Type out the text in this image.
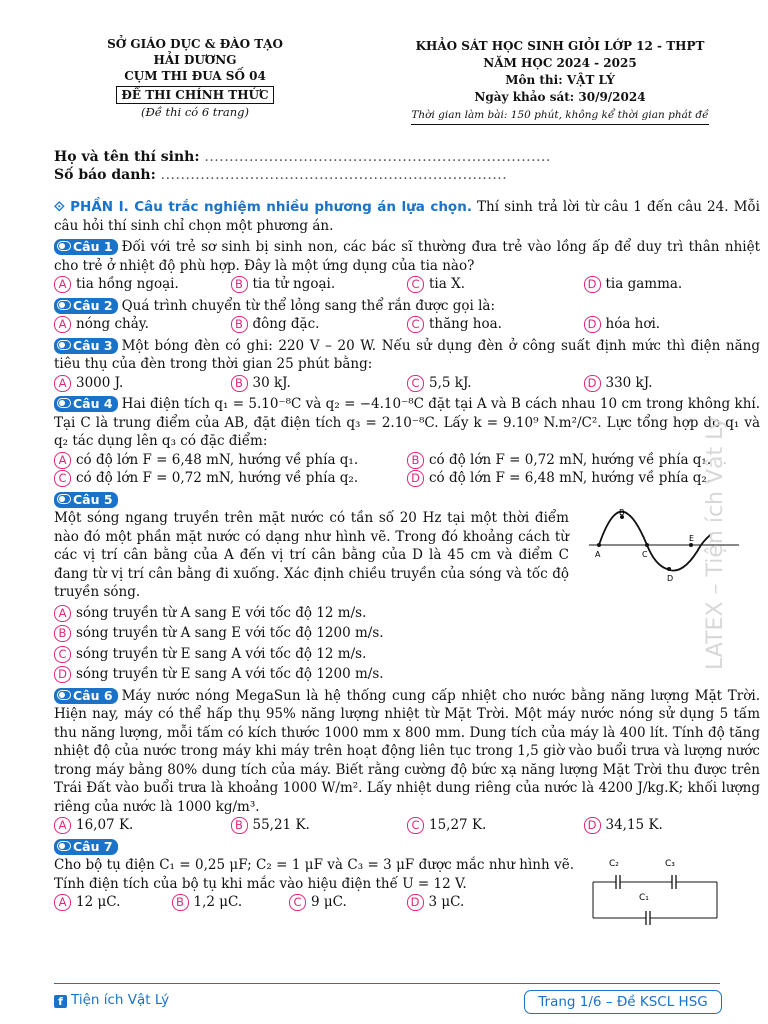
SỞ GIÁO DỤC & ĐÀO TẠO
HẢI DƯƠNG
CỤM THI ĐUA SỐ 04
ĐỀ THI CHÍNH THỨC
(Đề thi có 6 trang)
KHẢO SÁT HỌC SINH GIỎI LỚP 12 - THPT
NĂM HỌC 2024 - 2025
Môn thi: VẬT LÝ
Ngày khảo sát: 30/9/2024
Thời gian làm bài: 150 phút, không kể thời gian phát đề
Họ và tên thí sinh: ......................................................................
Số báo danh: ......................................................................
⟐ PHẦN I. Câu trắc nghiệm nhiều phương án lựa chọn. Thí sinh trả lời từ câu 1 đến câu 24. Mỗi câu hỏi thí sinh chỉ chọn một phương án.
Câu 1 Đối với trẻ sơ sinh bị sinh non, các bác sĩ thường đưa trẻ vào lồng ấp để duy trì thân nhiệt cho trẻ ở nhiệt độ phù hợp. Đây là một ứng dụng của tia nào?
A tia hồng ngoại.	B tia tử ngoại.	C tia X.	D tia gamma.
Câu 2 Quá trình chuyển từ thể lỏng sang thể rắn được gọi là:
A nóng chảy.	B đông đặc.	C thăng hoa.	D hóa hơi.
Câu 3 Một bóng đèn có ghi: 220 V – 20 W. Nếu sử dụng đèn ở công suất định mức thì điện năng tiêu thụ của đèn trong thời gian 25 phút bằng:
A 3000 J.	B 30 kJ.	C 5,5 kJ.	D 330 kJ.
Câu 4 Hai điện tích q₁ = 5.10⁻⁸C và q₂ = −4.10⁻⁸C đặt tại A và B cách nhau 10 cm trong không khí. Tại C là trung điểm của AB, đặt điện tích q₃ = 2.10⁻⁸C. Lấy k = 9.10⁹ N.m²/C². Lực tổng hợp do q₁ và q₂ tác dụng lên q₃ có đặc điểm:
A có độ lớn F = 6,48 mN, hướng về phía q₁.	B có độ lớn F = 0,72 mN, hướng về phía q₁.
C có độ lớn F = 0,72 mN, hướng về phía q₂.	D có độ lớn F = 6,48 mN, hướng về phía q₂.
Câu 5
Một sóng ngang truyền trên mặt nước có tần số 20 Hz tại một thời điểm nào đó một phần mặt nước có dạng như hình vẽ. Trong đó khoảng cách từ các vị trí cân bằng của A đến vị trí cân bằng của D là 45 cm và điểm C đang từ vị trí cân bằng đi xuống. Xác định chiều truyền của sóng và tốc độ truyền sóng.
A
B
C
D
E
A sóng truyền từ A sang E với tốc độ 12 m/s.
B sóng truyền từ A sang E với tốc độ 1200 m/s.
C sóng truyền từ E sang A với tốc độ 12 m/s.
D sóng truyền từ E sang A với tốc độ 1200 m/s.
Câu 6 Máy nước nóng MegaSun là hệ thống cung cấp nhiệt cho nước bằng năng lượng Mặt Trời. Hiện nay, máy có thể hấp thụ 95% năng lượng nhiệt từ Mặt Trời. Một máy nước nóng sử dụng 5 tấm thu năng lượng, mỗi tấm có kích thước 1000 mm x 800 mm. Dung tích của máy là 400 lít. Tính độ tăng nhiệt độ của nước trong máy khi máy trên hoạt động liên tục trong 1,5 giờ vào buổi trưa và lượng nước trong máy bằng 80% dung tích của máy. Biết rằng cường độ bức xạ năng lượng Mặt Trời thu được trên Trái Đất vào buổi trưa là khoảng 1000 W/m². Lấy nhiệt dung riêng của nước là 4200 J/kg.K; khối lượng riêng của nước là 1000 kg/m³.
A 16,07 K.	B 55,21 K.	C 15,27 K.	D 34,15 K.
Câu 7
Cho bộ tụ điện C₁ = 0,25 μF; C₂ = 1 μF và C₃ = 3 μF được mắc như hình vẽ. Tính điện tích của bộ tụ khi mắc vào hiệu điện thế U = 12 V.
A 12 μC.	B 1,2 μC.	C 9 μC.	D 3 μC.
C₂	C₃
C₁
LATEX – Tiện ích Vật Lý
f Tiện ích Vật Lý	Trang 1/6 – Đề KSCL HSG
